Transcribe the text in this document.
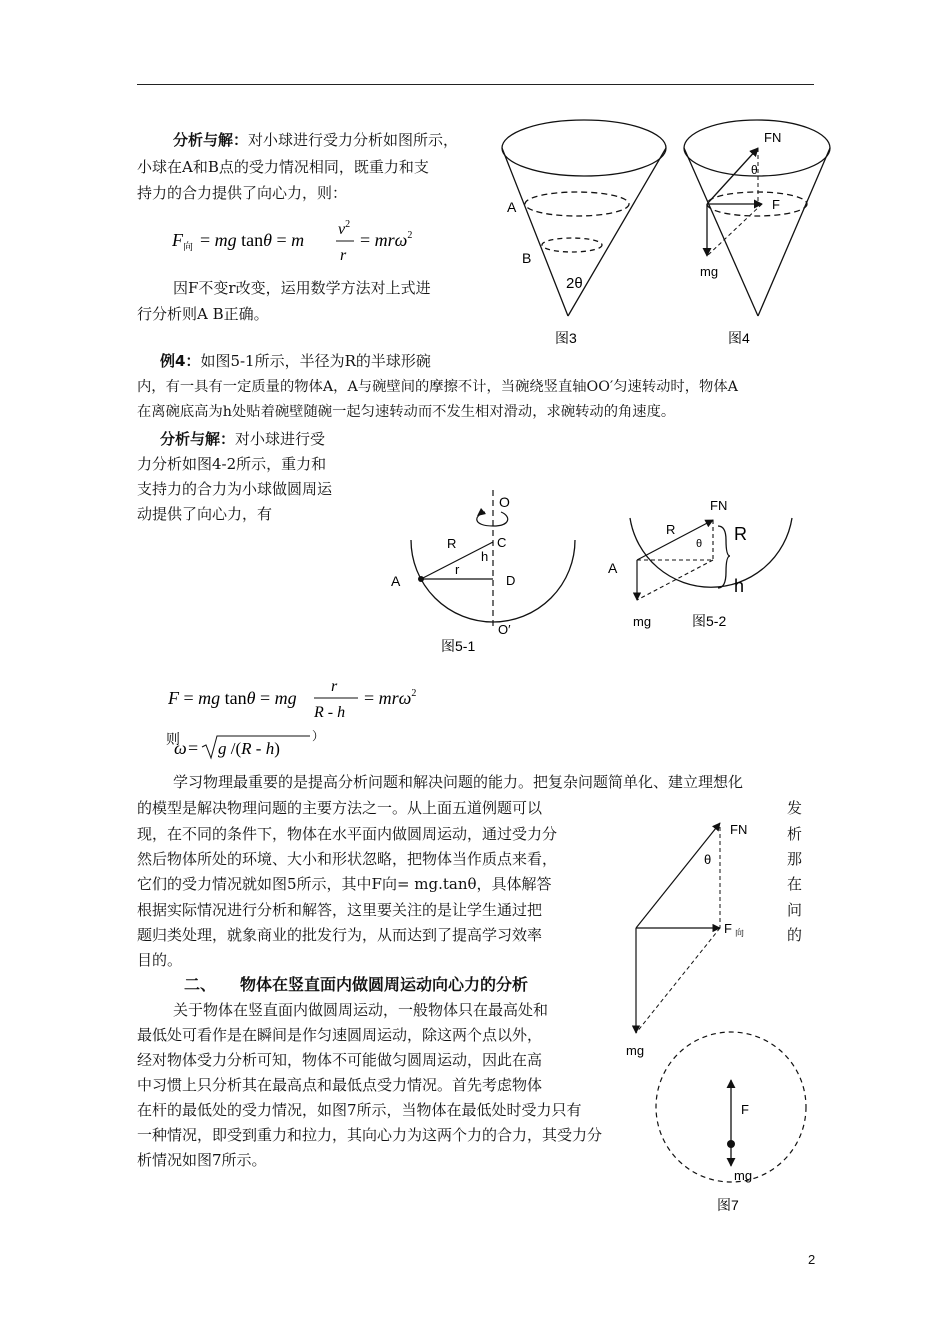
分析与解：对小球进行受力分析如图所示，
小球在A和B点的受力情况相同，既重力和支
持力的合力提供了向心力，则：
F 向 = mg tanθ = m
$v^2$
r
= mrω$^2$
因F不变r改变，运用数学方法对上式进
行分析则A B正确。
A
B
2θ
图3
FN
θ
F
mg
图4
例4：如图5-1所示，半径为R的半球形碗
内，有一具有一定质量的物体A，A与碗壁间的摩擦不计，当碗绕竖直轴OO′匀速转动时，物体A
在离碗底高为h处贴着碗壁随碗一起匀速转动而不发生相对滑动，求碗转动的角速度。
分析与解：对小球进行受
力分析如图4-2所示，重力和
支持力的合力为小球做圆周运
动提供了向心力，有
O
R	C
h
r
A	D
O′
图5-1
FN
R
θ R
A
h
mg	图5-2
F = mg tanθ = mg
r
R - h
= mrω$^2$
则
ω = g /(R - h)
）
学习物理最重要的是提高分析问题和解决问题的能力。把复杂问题简单化、建立理想化
的模型是解决物理问题的主要方法之一。从上面五道例题可以
现，在不同的条件下，物体在水平面内做圆周运动，通过受力分
然后物体所处的环境、大小和形状忽略，把物体当作质点来看，
它们的受力情况就如图5所示，其中F向= mg.tanθ，具体解答
根据实际情况进行分析和解答，这里要关注的是让学生通过把
题归类处理，就象商业的批发行为，从而达到了提高学习效率
目的。
发
析
那
在
问
的
FN
θ
F 向
mg
二、 物体在竖直面内做圆周运动向心力的分析
关于物体在竖直面内做圆周运动，一般物体只在最高处和
最低处可看作是在瞬间是作匀速圆周运动，除这两个点以外，
经对物体受力分析可知，物体不可能做匀圆周运动，因此在高
中习惯上只分析其在最高点和最低点受力情况。首先考虑物体
在杆的最低处的受力情况，如图7所示，当物体在最低处时受力只有
一种情况，即受到重力和拉力，其向心力为这两个力的合力，其受力分
析情况如图7所示。
F
mg
图7
2
